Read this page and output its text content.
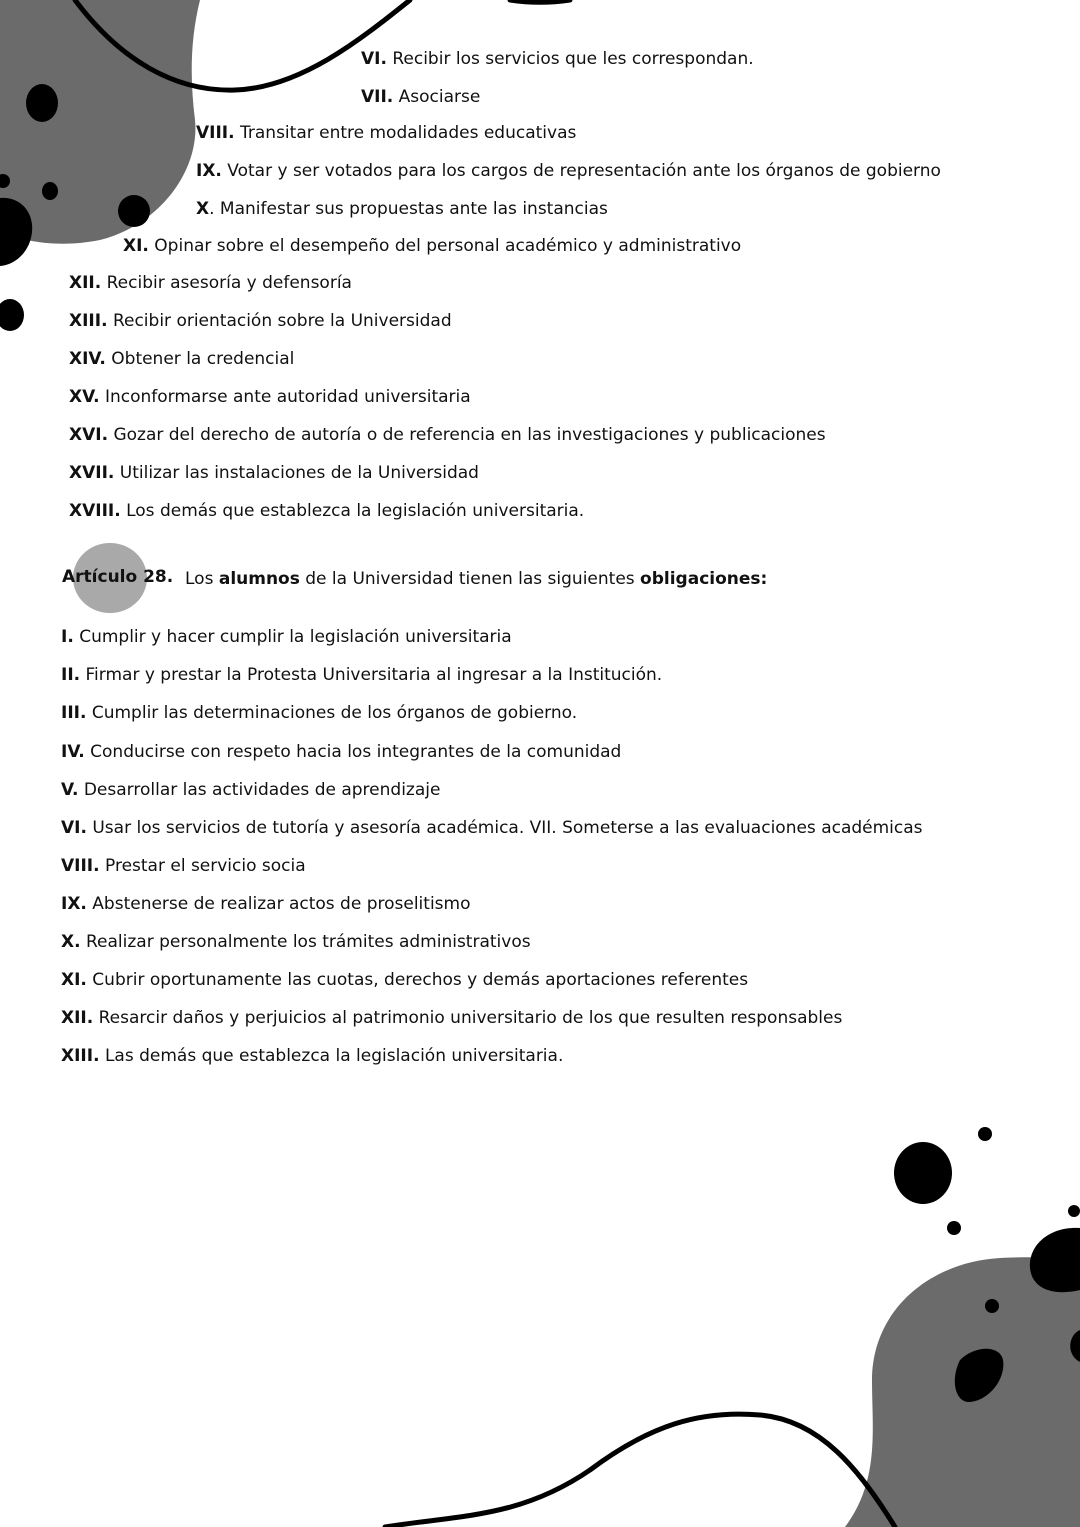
VI. Recibir los servicios que les correspondan.

VII. Asociarse

VIII. Transitar entre modalidades educativas

IX. Votar y ser votados para los cargos de representación ante los órganos de gobierno

X. Manifestar sus propuestas ante las instancias

XI. Opinar sobre el desempeño del personal académico y administrativo

XII. Recibir asesoría y defensoría

XIII. Recibir orientación sobre la Universidad

XIV. Obtener la credencial

XV. Inconformarse ante autoridad universitaria

XVI. Gozar del derecho de autoría o de referencia en las investigaciones y publicaciones

XVII. Utilizar las instalaciones de la Universidad

XVIII. Los demás que establezca la legislación universitaria.

Artículo 28. Los alumnos de la Universidad tienen las siguientes obligaciones:

I. Cumplir y hacer cumplir la legislación universitaria

II. Firmar y prestar la Protesta Universitaria al ingresar a la Institución.

III. Cumplir las determinaciones de los órganos de gobierno.

IV. Conducirse con respeto hacia los integrantes de la comunidad

V. Desarrollar las actividades de aprendizaje

VI. Usar los servicios de tutoría y asesoría académica. VII. Someterse a las evaluaciones académicas

VIII. Prestar el servicio socia

IX. Abstenerse de realizar actos de proselitismo

X. Realizar personalmente los trámites administrativos

XI. Cubrir oportunamente las cuotas, derechos y demás aportaciones referentes

XII. Resarcir daños y perjuicios al patrimonio universitario de los que resulten responsables

XIII. Las demás que establezca la legislación universitaria.
